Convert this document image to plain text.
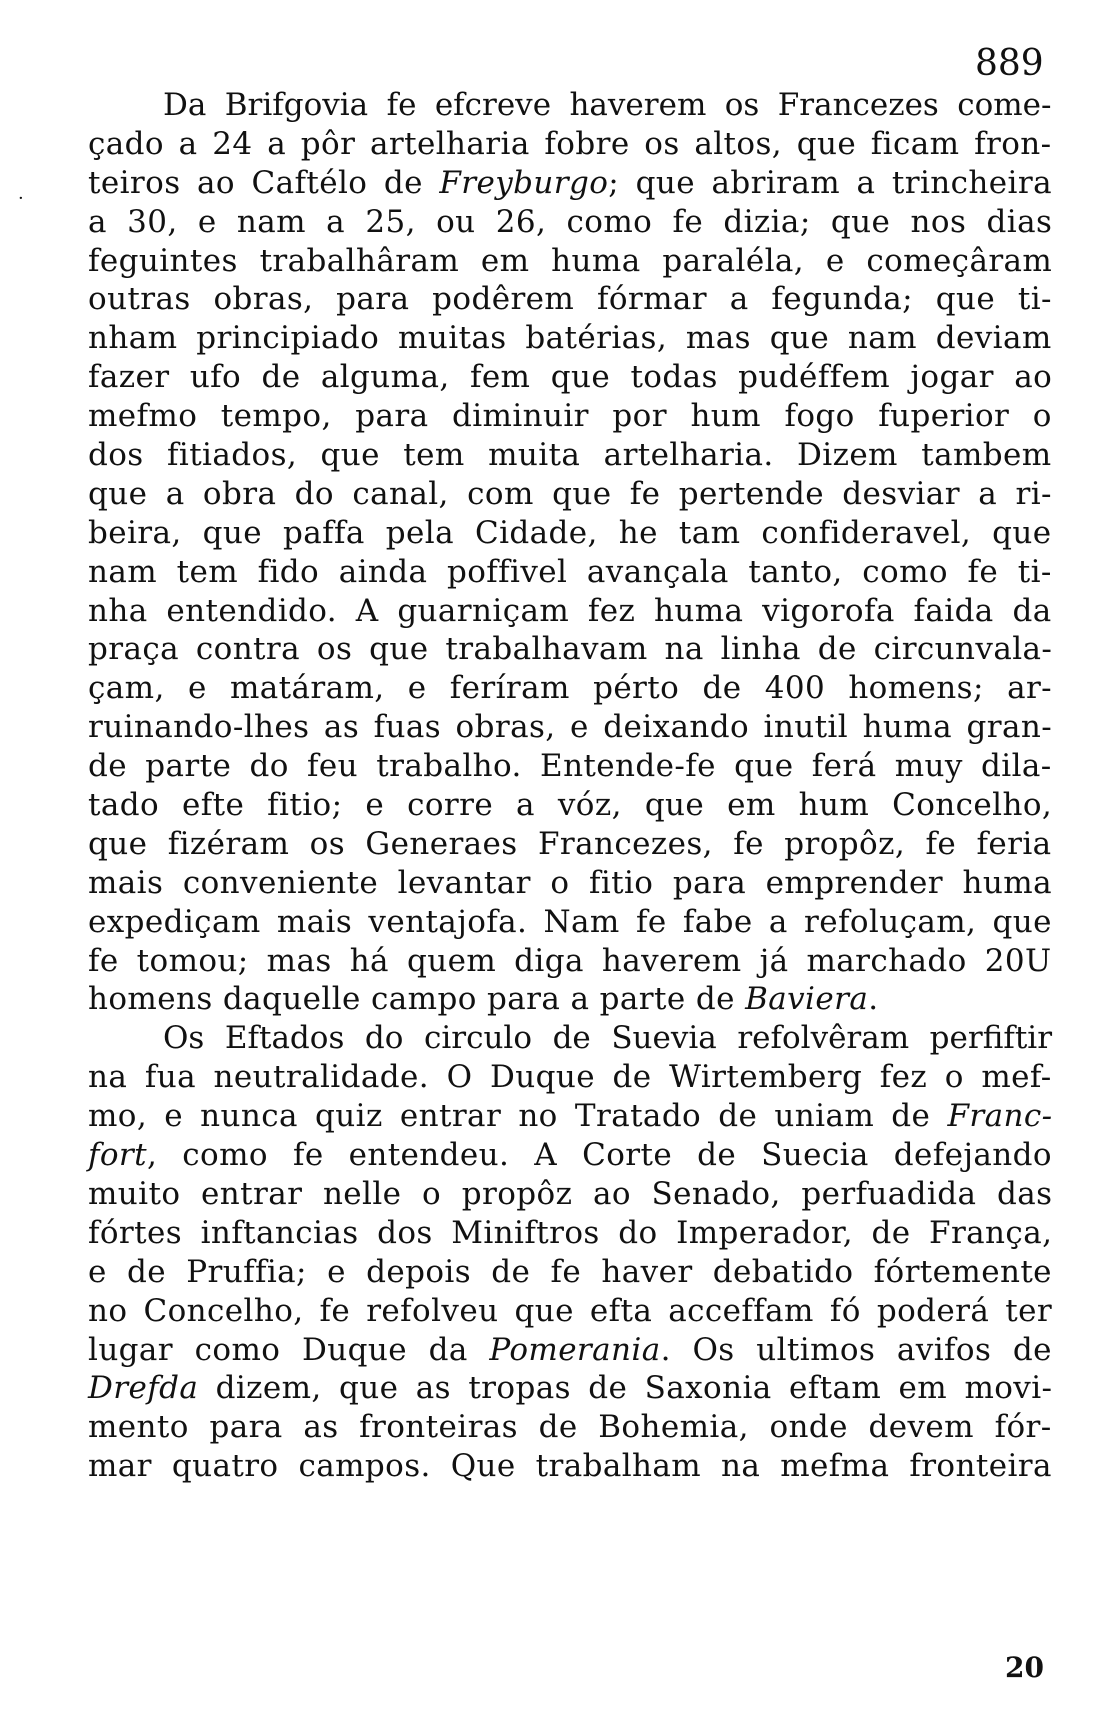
889
·
Da Brifgovia fe efcreve haverem os Francezes come-
çado a 24 a pôr artelharia fobre os altos, que ficam fron-
teiros ao Caftélo de Freyburgo; que abriram a trincheira
a 30, e nam a 25, ou 26, como fe dizia; que nos dias
feguintes trabalhâram em huma paraléla, e começâram
outras obras, para podêrem fórmar a fegunda; que ti-
nham principiado muitas batérias, mas que nam deviam
fazer ufo de alguma, fem que todas pudéffem jogar ao
mefmo tempo, para diminuir por hum fogo fuperior o
dos fitiados, que tem muita artelharia. Dizem tambem
que a obra do canal, com que fe pertende desviar a ri-
beira, que paffa pela Cidade, he tam confideravel, que
nam tem fido ainda poffivel avançala tanto, como fe ti-
nha entendido. A guarniçam fez huma vigorofa faida da
praça contra os que trabalhavam na linha de circunvala-
çam, e matáram, e feríram pérto de 400 homens; ar-
ruinando-lhes as fuas obras, e deixando inutil huma gran-
de parte do feu trabalho. Entende-fe que ferá muy dila-
tado efte fitio; e corre a vóz, que em hum Concelho,
que fizéram os Generaes Francezes, fe propôz, fe feria
mais conveniente levantar o fitio para emprender huma
expediçam mais ventajofa. Nam fe fabe a refoluçam, que
fe tomou; mas há quem diga haverem já marchado 20U
homens daquelle campo para a parte de Baviera.
Os Eftados do circulo de Suevia refolvêram perfiftir
na fua neutralidade. O Duque de Wirtemberg fez o mef-
mo, e nunca quiz entrar no Tratado de uniam de Franc-
fort, como fe entendeu. A Corte de Suecia defejando
muito entrar nelle o propôz ao Senado, perfuadida das
fórtes inftancias dos Miniftros do Imperador, de França,
e de Pruffia; e depois de fe haver debatido fórtemente
no Concelho, fe refolveu que efta acceffam fó poderá ter
lugar como Duque da Pomerania. Os ultimos avifos de
Drefda dizem, que as tropas de Saxonia eftam em movi-
mento para as fronteiras de Bohemia, onde devem fór-
mar quatro campos. Que trabalham na mefma fronteira
20
